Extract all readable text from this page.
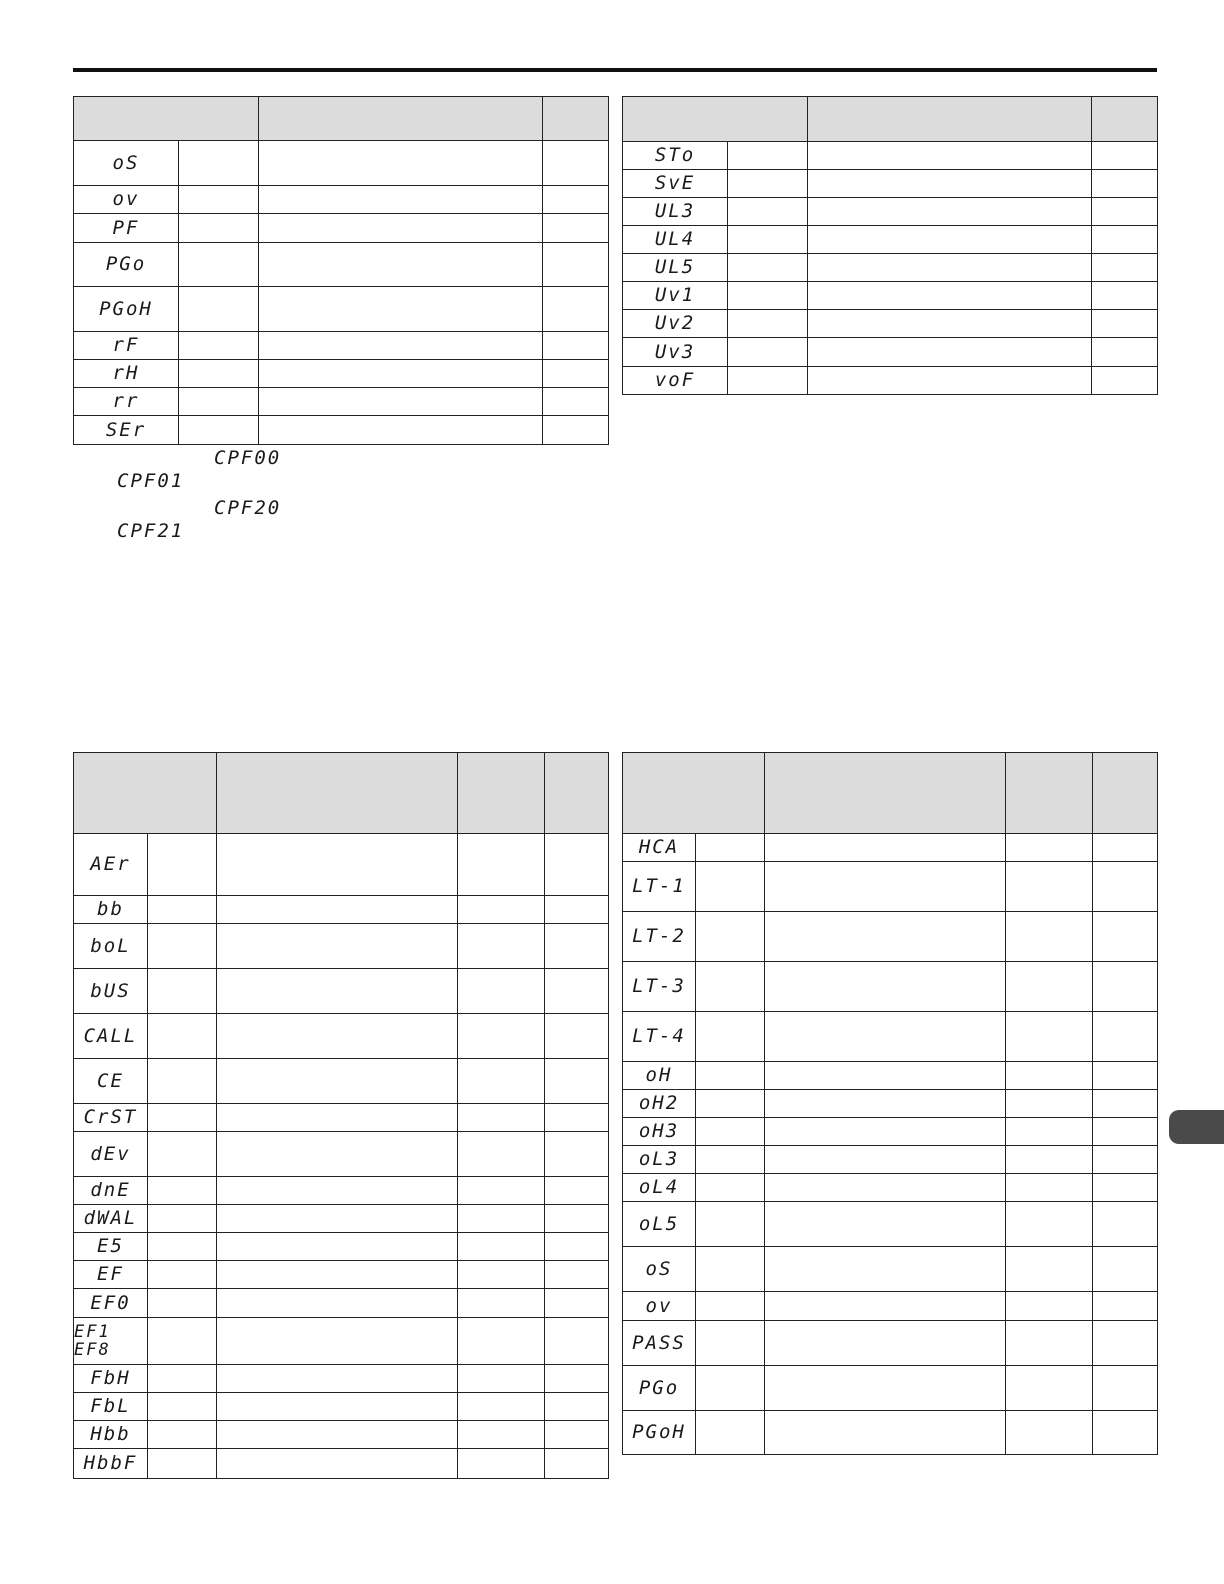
oS			
ov			
PF			
PGo			
PGoH			
rF			
rH			
rr			
SEr			
CPF00
CPF01
CPF20
CPF21

STo			
SvE			
UL3			
UL4			
UL5			
Uv1			
Uv2			
Uv3			
voF			

AEr				
bb				
boL				
bUS				
CALL				
CE				
CrST				
dEv				
dnE				
dWAL				
E5				
EF				
EF0				

EF1
EF8				

FbH				
FbL				
Hbb				
HbbF				

HCA				
LT-1				
LT-2				
LT-3				
LT-4				
oH				
oH2				
oH3				
oL3				
oL4				
oL5				
oS				
ov				
PASS				
PGo				
PGoH				
